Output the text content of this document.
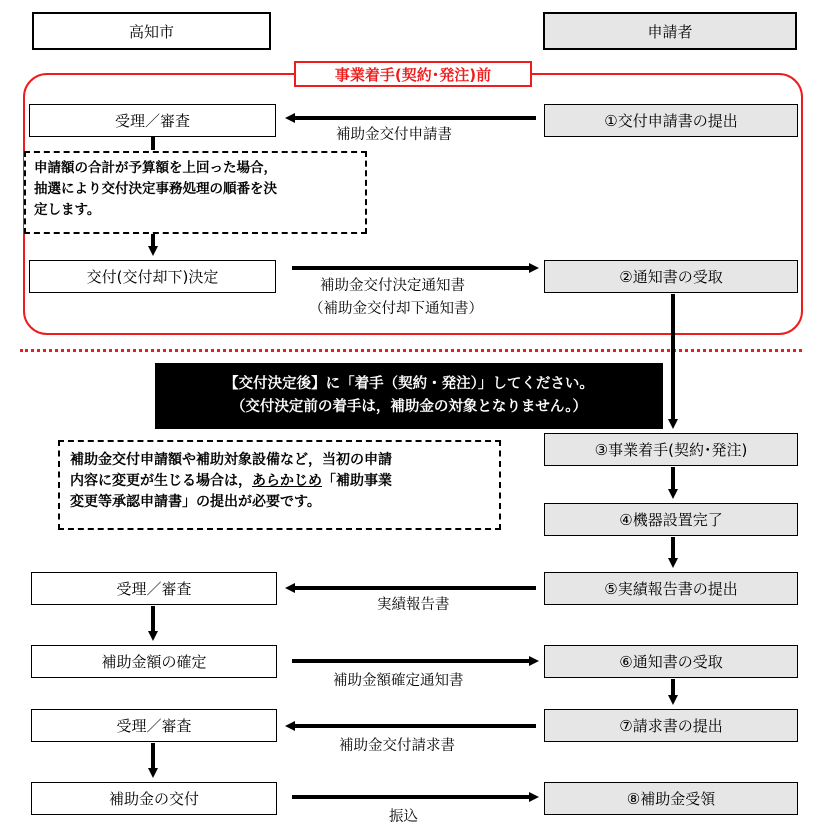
高知市	申請者
事業着手(契約･発注)前
受理／審査
申請額の合計が予算額を上回った場合，
抽選により交付決定事務処理の順番を決
定します。
交付(交付却下)決定
受理／審査
補助金額の確定
受理／審査
補助金の交付
①交付申請書の提出
②通知書の受取
③事業着手(契約･発注)
④機器設置完了
⑤実績報告書の提出
⑥通知書の受取
⑦請求書の提出
⑧補助金受領
【交付決定後】に「着手（契約・発注）」してください。
（交付決定前の着手は，補助金の対象となりません。）
補助金交付申請額や補助対象設備など，当初の申請
内容に変更が生じる場合は，あらかじめ「補助事業
変更等承認申請書」の提出が必要です。
補助金交付申請書
補助金交付決定通知書
（補助金交付却下通知書）
実績報告書
補助金額確定通知書
補助金交付請求書
振込
